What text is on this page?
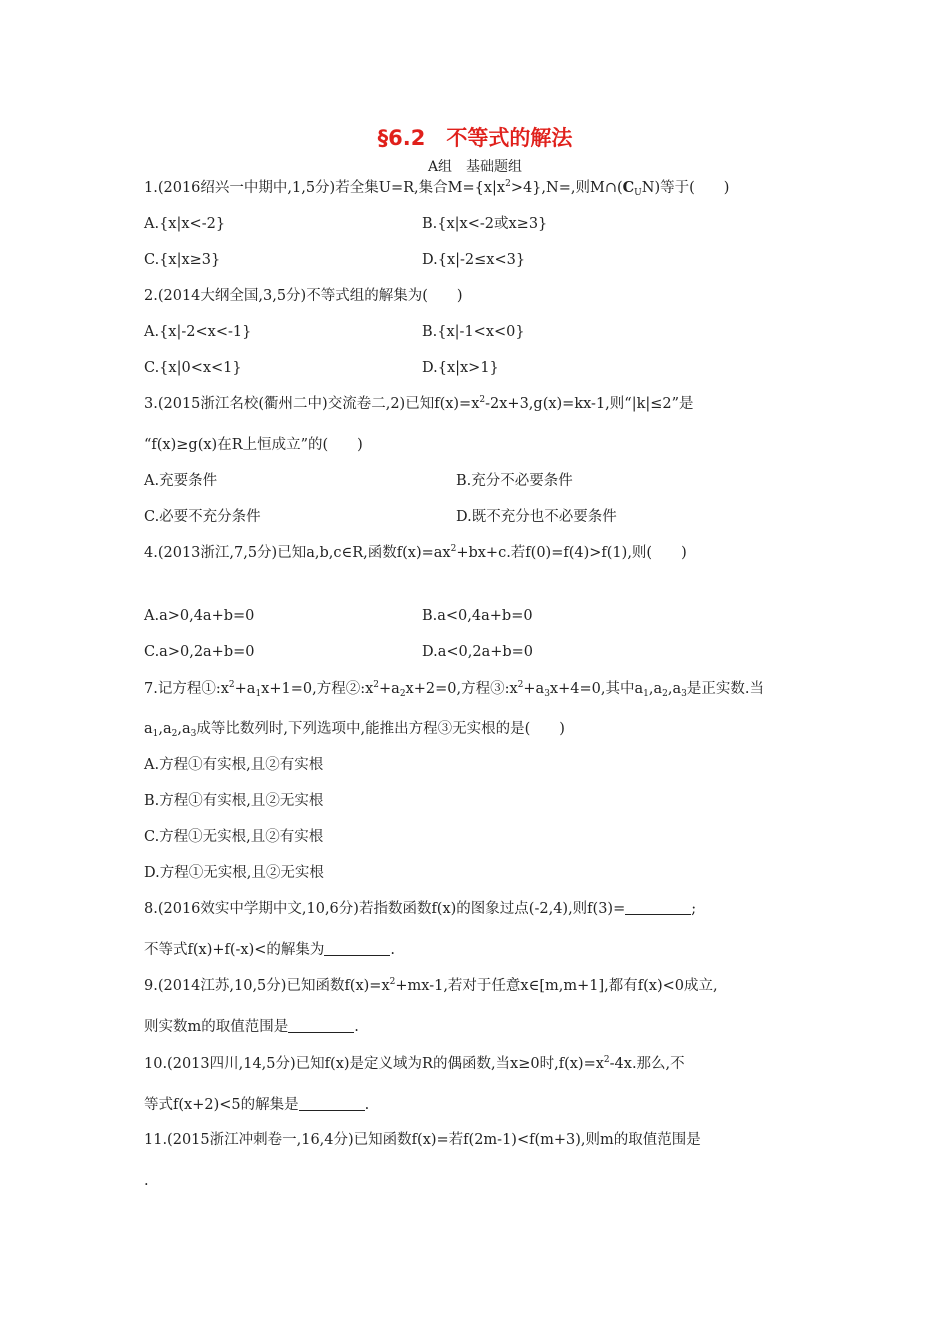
§6.2　不等式的解法
A组　基础题组
1.(2016绍兴一中期中,1,5分)若全集U=R,集合$M=\{x|x^2>4\},N=$,则$M\cap(C_UN)$等于(　　)
A.{x|x<-2}	B.{x|x<-2或x≥3}
C.{x|x≥3}	D.{x|-2≤x<3}
2.(2014大纲全国,3,5分)不等式组的解集为(　　)
A.{x|-2<x<-1}	B.{x|-1<x<0}
C.{x|0<x<1}	D.{x|x>1}
3.(2015浙江名校(衢州二中)交流卷二,2)已知$f(x)=x^2-2x+3,g(x)=kx-1$,则“|k|≤2”是
“f(x)≥g(x)在R上恒成立”的(　　)
A.充要条件	B.充分不必要条件
C.必要不充分条件	D.既不充分也不必要条件
4.(2013浙江,7,5分)已知a,b,c∈R,函数$f(x)=ax^2+bx+c$.若f(0)=f(4)>f(1),则(　　)
A.a>0,4a+b=0	B.a<0,4a+b=0
C.a>0,2a+b=0	D.a<0,2a+b=0
7.记方程$①:x^2+a_1x+1=0$,方程$②:x^2+a_2x+2=0$,方程$③:x^2+a_3x+4=0$,其中$a_1,a_2,a_3$是正实数.当
$a_1,a_2,a_3$成等比数列时,下列选项中,能推出方程③无实根的是(　　)
A.方程①有实根,且②有实根
B.方程①有实根,且②无实根
C.方程①无实根,且②有实根
D.方程①无实根,且②无实根
8.(2016效实中学期中文,10,6分)若指数函数f(x)的图象过点(-2,4),则f(3)=	;
不等式f(x)+f(-x)<的解集为	.
9.(2014江苏,10,5分)已知函数$f(x)=x^2+mx-1$,若对于任意x∈[m,m+1],都有f(x)<0成立,
则实数m的取值范围是	.
10.(2013四川,14,5分)已知f(x)是定义域为R的偶函数,当x≥0时$,f(x)=x^2-4x$.那么,不
等式f(x+2)<5的解集是	.
11.(2015浙江冲刺卷一,16,4分)已知函数f(x)=若f(2m-1)<f(m+3),则m的取值范围是
.
